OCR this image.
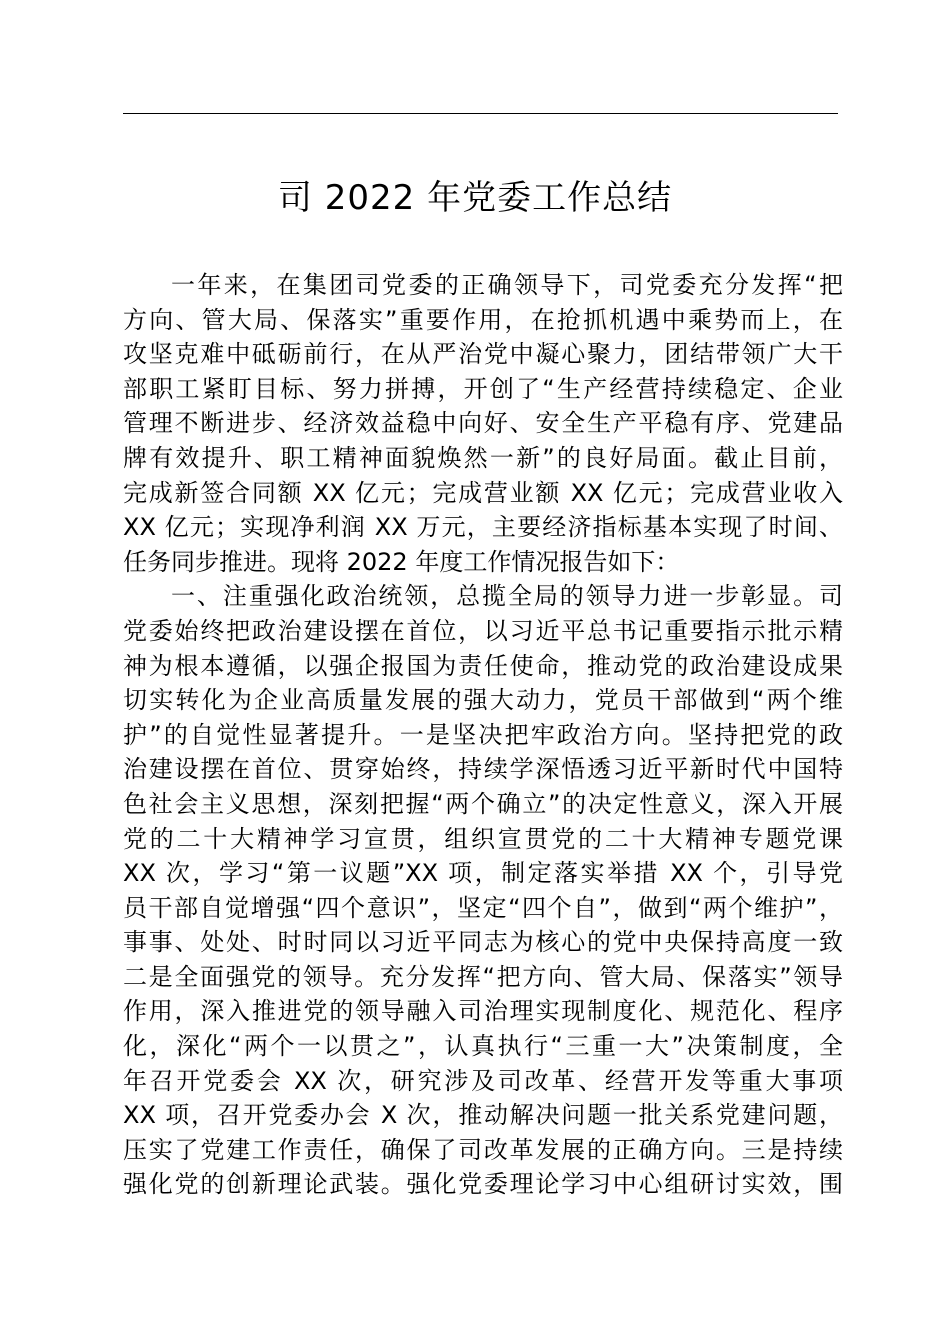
司 2022 年党委工作总结
一年来，在集团司党委的正确领导下，司党委充分发挥“把
方向、管大局、保落实”重要作用，在抢抓机遇中乘势而上，在
攻坚克难中砥砺前行，在从严治党中凝心聚力，团结带领广大干
部职工紧盯目标、努力拼搏，开创了“生产经营持续稳定、企业
管理不断进步、经济效益稳中向好、安全生产平稳有序、党建品
牌有效提升、职工精神面貌焕然一新”的良好局面。截止目前，
完成新签合同额 XX 亿元；完成营业额 XX 亿元；完成营业收入
XX 亿元；实现净利润 XX 万元，主要经济指标基本实现了时间、
任务同步推进。现将 2022 年度工作情况报告如下：
一、注重强化政治统领，总揽全局的领导力进一步彰显。司
党委始终把政治建设摆在首位，以习近平总书记重要指示批示精
神为根本遵循，以强企报国为责任使命，推动党的政治建设成果
切实转化为企业高质量发展的强大动力，党员干部做到“两个维
护”的自觉性显著提升。一是坚决把牢政治方向。坚持把党的政
治建设摆在首位、贯穿始终，持续学深悟透习近平新时代中国特
色社会主义思想，深刻把握“两个确立”的决定性意义，深入开展
党的二十大精神学习宣贯，组织宣贯党的二十大精神专题党课
XX 次，学习“第一议题”XX 项，制定落实举措 XX 个，引导党
员干部自觉增强“四个意识”，坚定“四个自”，做到“两个维护”，
事事、处处、时时同以习近平同志为核心的党中央保持高度一致
二是全面强党的领导。充分发挥“把方向、管大局、保落实”领导
作用，深入推进党的领导融入司治理实现制度化、规范化、程序
化，深化“两个一以贯之”，认真执行“三重一大”决策制度，全
年召开党委会 XX 次，研究涉及司改革、经营开发等重大事项
XX 项，召开党委办会 X 次，推动解决问题一批关系党建问题，
压实了党建工作责任，确保了司改革发展的正确方向。三是持续
强化党的创新理论武装。强化党委理论学习中心组研讨实效，围
